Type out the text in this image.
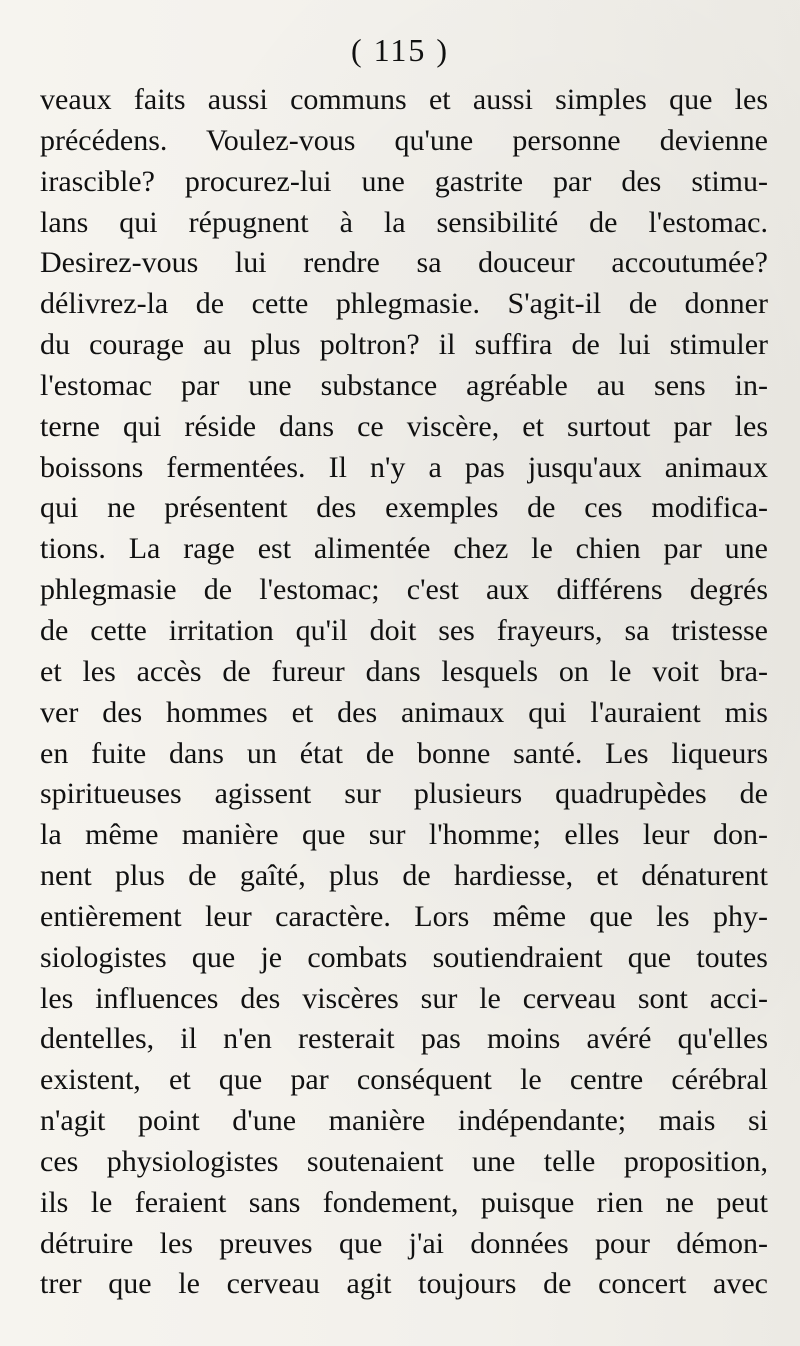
( 115 )
veaux faits aussi communs et aussi simples que les
précédens. Voulez-vous qu'une personne devienne
irascible? procurez-lui une gastrite par des stimu-
lans qui répugnent à la sensibilité de l'estomac.
Desirez-vous lui rendre sa douceur accoutumée?
délivrez-la de cette phlegmasie. S'agit-il de donner
du courage au plus poltron? il suffira de lui stimuler
l'estomac par une substance agréable au sens in-
terne qui réside dans ce viscère, et surtout par les
boissons fermentées. Il n'y a pas jusqu'aux animaux
qui ne présentent des exemples de ces modifica-
tions. La rage est alimentée chez le chien par une
phlegmasie de l'estomac; c'est aux différens degrés
de cette irritation qu'il doit ses frayeurs, sa tristesse
et les accès de fureur dans lesquels on le voit bra-
ver des hommes et des animaux qui l'auraient mis
en fuite dans un état de bonne santé. Les liqueurs
spiritueuses agissent sur plusieurs quadrupèdes de
la même manière que sur l'homme; elles leur don-
nent plus de gaîté, plus de hardiesse, et dénaturent
entièrement leur caractère. Lors même que les phy-
siologistes que je combats soutiendraient que toutes
les influences des viscères sur le cerveau sont acci-
dentelles, il n'en resterait pas moins avéré qu'elles
existent, et que par conséquent le centre cérébral
n'agit point d'une manière indépendante; mais si
ces physiologistes soutenaient une telle proposition,
ils le feraient sans fondement, puisque rien ne peut
détruire les preuves que j'ai données pour démon-
trer que le cerveau agit toujours de concert avec
